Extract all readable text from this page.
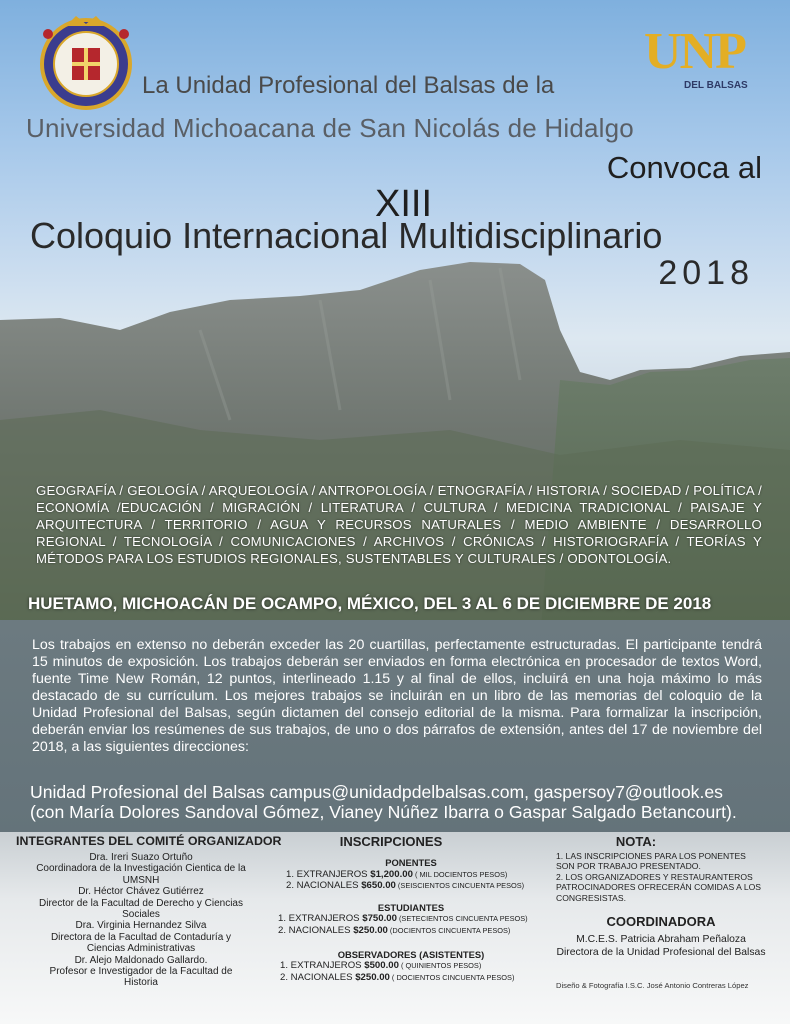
UNP
DEL BALSAS
La Unidad Profesional del Balsas de la
Universidad Michoacana de San Nicolás de Hidalgo
Convoca al
XIII
Coloquio Internacional Multidisciplinario
2018
GEOGRAFÍA / GEOLOGÍA / ARQUEOLOGÍA / ANTROPOLOGÍA / ETNOGRAFÍA / HISTORIA / SOCIEDAD / POLÍTICA / ECONOMÍA /EDUCACIÓN / MIGRACIÓN / LITERATURA / CULTURA / MEDICINA TRADICIONAL / PAISAJE Y ARQUITECTURA / TERRITORIO / AGUA Y RECURSOS NATURALES / MEDIO AMBIENTE / DESARROLLO REGIONAL / TECNOLOGÍA / COMUNICACIONES / ARCHIVOS / CRÓNICAS / HISTORIOGRAFÍA / TEORÍAS Y MÉTODOS PARA LOS ESTUDIOS REGIONALES, SUSTENTABLES Y CULTURALES / ODONTOLOGÍA.
HUETAMO, MICHOACÁN DE OCAMPO, MÉXICO, DEL 3 AL 6 DE DICIEMBRE DE 2018
Los trabajos en extenso no deberán exceder las 20 cuartillas, perfectamente estructuradas. El participante tendrá 15 minutos de exposición. Los trabajos deberán ser enviados en forma electrónica en procesador de textos Word, fuente Time New Román, 12 puntos, interlineado 1.15 y al final de ellos, incluirá en una hoja máximo lo más destacado de su currículum. Los mejores trabajos se incluirán en un libro de las memorias del coloquio de la Unidad Profesional del Balsas, según dictamen del consejo editorial de la misma. Para formalizar la inscripción, deberán enviar los resúmenes de sus trabajos, de uno o dos párrafos de extensión, antes del 17 de noviembre del 2018, a las siguientes direcciones:
Unidad Profesional del Balsas campus@unidadpdelbalsas.com, gaspersoy7@outlook.es
(con María Dolores Sandoval Gómez, Vianey Núñez Ibarra o Gaspar Salgado Betancourt).
INTEGRANTES DEL COMITÉ ORGANIZADOR
Dra. Ireri Suazo Ortuño
Coordinadora de la Investigación Cientica de la
UMSNH
Dr. Héctor Chávez Gutiérrez
Director de la Facultad de Derecho y Ciencias
Sociales
Dra. Virginia Hernandez Silva
Directora de la Facultad de Contaduría y
Ciencias Administrativas
Dr. Alejo Maldonado Gallardo.
Profesor e Investigador de la Facultad de
Historia
INSCRIPCIONES
PONENTES
1. EXTRANJEROS $1,200.00 ( MIL DOCIENTOS PESOS)
2. NACIONALES $650.00 (SEISCIENTOS CINCUENTA PESOS)
ESTUDIANTES
1. EXTRANJEROS $750.00 (SETECIENTOS CINCUENTA PESOS)
2. NACIONALES $250.00 (DOCIENTOS CINCUENTA PESOS)
OBSERVADORES (ASISTENTES)
1. EXTRANJEROS $500.00 ( QUINIENTOS PESOS)
2. NACIONALES $250.00 ( DOCIENTOS CINCUENTA PESOS)
NOTA:
1. LAS INSCRIPCIONES PARA LOS PONENTES
SON POR TRABAJO PRESENTADO.
2. LOS ORGANIZADORES Y RESTAURANTEROS
PATROCINADORES OFRECERÁN COMIDAS A LOS
CONGRESISTAS.
COORDINADORA
M.C.E.S. Patricia Abraham Peñaloza
Directora de la Unidad Profesional del Balsas
Diseño & Fotografía I.S.C. José Antonio Contreras López
